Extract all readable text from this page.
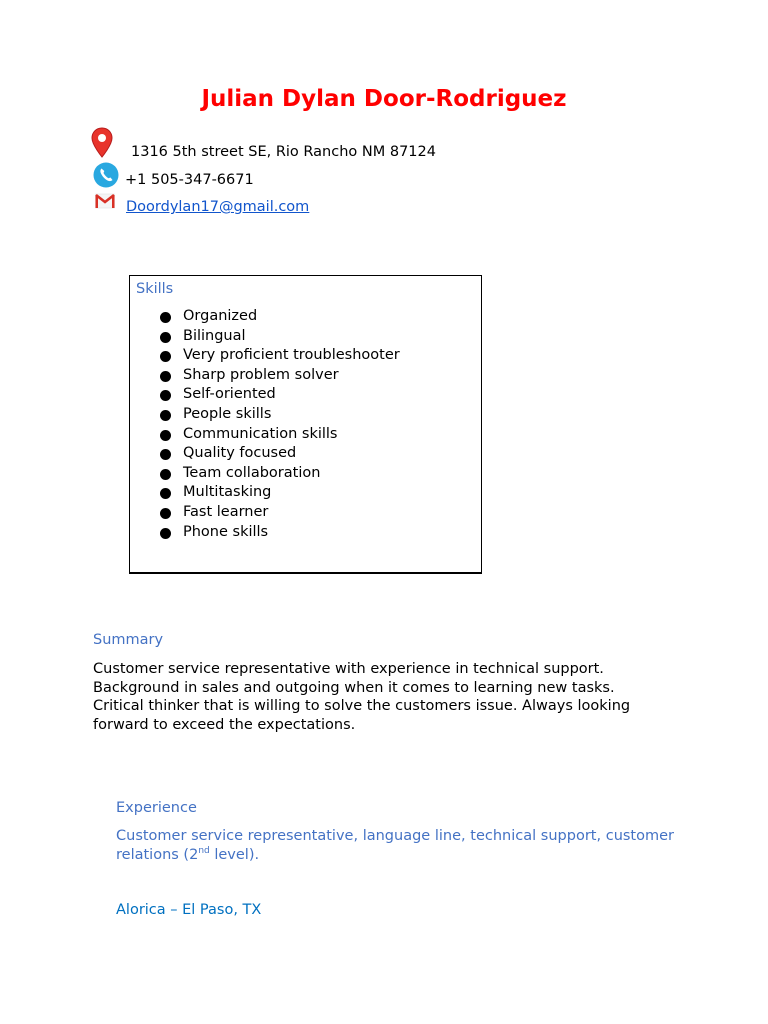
Julian Dylan Door-Rodriguez
1316 5th street SE, Rio Rancho NM 87124
+1 505-347-6671
Doordylan17@gmail.com
Skills
Organized
Bilingual
Very proficient troubleshooter
Sharp problem solver
Self-oriented
People skills
Communication skills
Quality focused
Team collaboration
Multitasking
Fast learner
Phone skills
Summary
Customer service representative with experience in technical support.
Background in sales and outgoing when it comes to learning new tasks.
Critical thinker that is willing to solve the customers issue. Always looking
forward to exceed the expectations.
Experience
Customer service representative, language line, technical support, customer relations (2nd level).
Alorica – El Paso, TX
